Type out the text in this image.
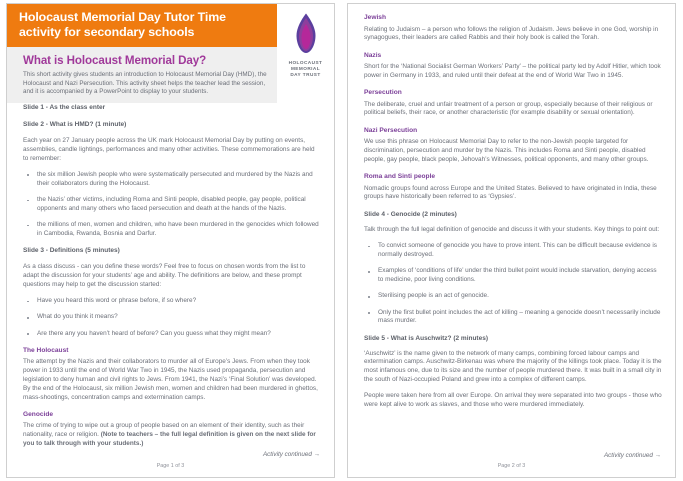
Holocaust Memorial Day Tutor Time activity for secondary schools
What is Holocaust Memorial Day?
This short activity gives students an introduction to Holocaust Memorial Day (HMD), the Holocaust and Nazi Persecution. This activity sheet helps the teacher lead the session, and it is accompanied by a PowerPoint to display to your students.
HOLOCAUST
MEMORIAL
DAY TRUST
Slide 1 - As the class enter
Slide 2 - What is HMD? (1 minute)
Each year on 27 January people across the UK mark Holocaust Memorial Day by putting on events, assemblies, candle lightings, performances and many other activities. These commemorations are held to remember:
the six million Jewish people who were systematically persecuted and murdered by the Nazis and their collaborators during the Holocaust.
the Nazis’ other victims, including Roma and Sinti people, disabled people, gay people, political opponents and many others who faced persecution and death at the hands of the Nazis.
the millions of men, women and children, who have been murdered in the genocides which followed in Cambodia, Rwanda, Bosnia and Darfur.
Slide 3 - Definitions (5 minutes)
As a class discuss - can you define these words? Feel free to focus on chosen words from the list to adapt the discussion for your students’ age and ability. The definitions are below, and these prompt questions may help to get the discussion started:
Have you heard this word or phrase before, if so where?
What do you think it means?
Are there any you haven’t heard of before? Can you guess what they might mean?
The Holocaust
The attempt by the Nazis and their collaborators to murder all of Europe’s Jews. From when they took power in 1933 until the end of World War Two in 1945, the Nazis used propaganda, persecution and legislation to deny human and civil rights to Jews. From 1941, the Nazi’s ‘Final Solution’ was developed. By the end of the Holocaust, six million Jewish men, women and children had been murdered in ghettos, mass-shootings, concentration camps and extermination camps.
Genocide
The crime of trying to wipe out a group of people based on an element of their identity, such as their nationality, race or religion. (Note to teachers – the full legal definition is given on the next slide for you to talk through with your students.)
Activity continued →
Page 1 of 3
Jewish
Relating to Judaism – a person who follows the religion of Judaism. Jews believe in one God, worship in synagogues, their leaders are called Rabbis and their holy book is called the Torah.
Nazis
Short for the ‘National Socialist German Workers’ Party’ – the political party led by Adolf Hitler, which took power in Germany in 1933, and ruled until their defeat at the end of World War Two in 1945.
Persecution
The deliberate, cruel and unfair treatment of a person or group, especially because of their religious or political beliefs, their race, or another characteristic (for example disability or sexual orientation).
Nazi Persecution
We use this phrase on Holocaust Memorial Day to refer to the non-Jewish people targeted for discrimination, persecution and murder by the Nazis. This includes Roma and Sinti people, disabled people, gay people, black people, Jehovah’s Witnesses, political opponents, and many other groups.
Roma and Sinti people
Nomadic groups found across Europe and the United States. Believed to have originated in India, these groups have historically been referred to as ‘Gypsies’.
Slide 4 - Genocide (2 minutes)
Talk through the full legal definition of genocide and discuss it with your students. Key things to point out:
To convict someone of genocide you have to prove intent. This can be difficult because evidence is normally destroyed.
Examples of ‘conditions of life’ under the third bullet point would include starvation, denying access to medicine, poor living conditions.
Sterilising people is an act of genocide.
Only the first bullet point includes the act of killing – meaning a genocide doesn’t necessarily include mass murder.
Slide 5 - What is Auschwitz? (2 minutes)
‘Auschwitz’ is the name given to the network of many camps, combining forced labour camps and extermination camps. Auschwitz-Birkenau was where the majority of the killings took place. Today it is the most infamous one, due to its size and the number of people murdered there. It was built in a small city in the south of Nazi-occupied Poland and grew into a complex of different camps.
People were taken here from all over Europe. On arrival they were separated into two groups - those who were kept alive to work as slaves, and those who were murdered immediately.
Activity continued →
Page 2 of 3
